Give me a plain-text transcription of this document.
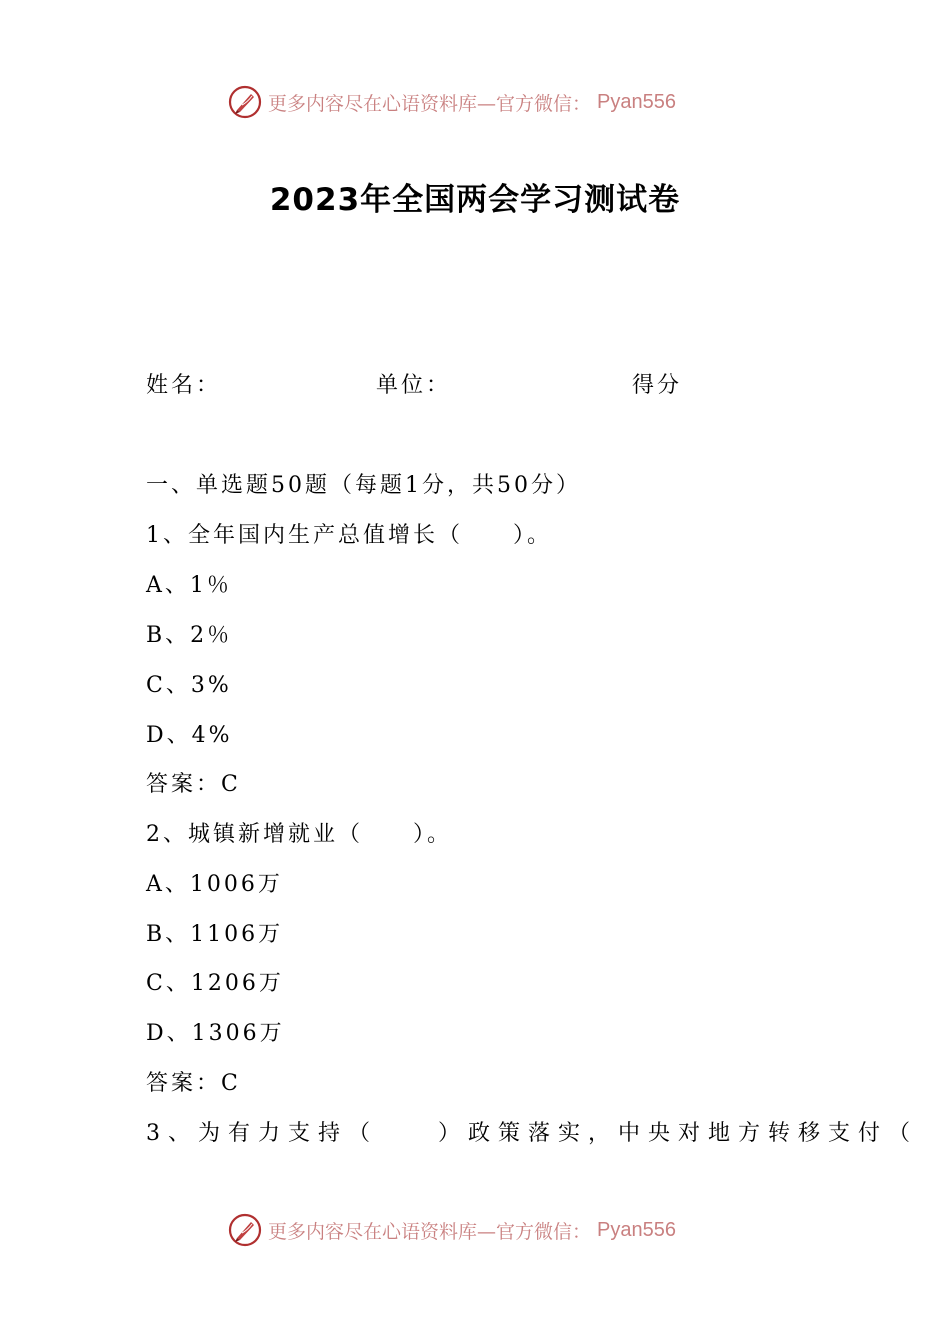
更多内容尽在心语资料库—官方微信： Pyan556
2023年全国两会学习测试卷
姓名：	单位：	得分
一、单选题50题（每题1分，共50分）
1、全年国内生产总值增长（　　）。
A、1％
B、2％
C、3%
D、4%
答案：C
2、城镇新增就业（　　）。
A、1006万
B、1106万
C、1206万
D、1306万
答案：C
3、为有力支持（　　）政策落实，中央对地方转移支付（
更多内容尽在心语资料库—官方微信： Pyan556
